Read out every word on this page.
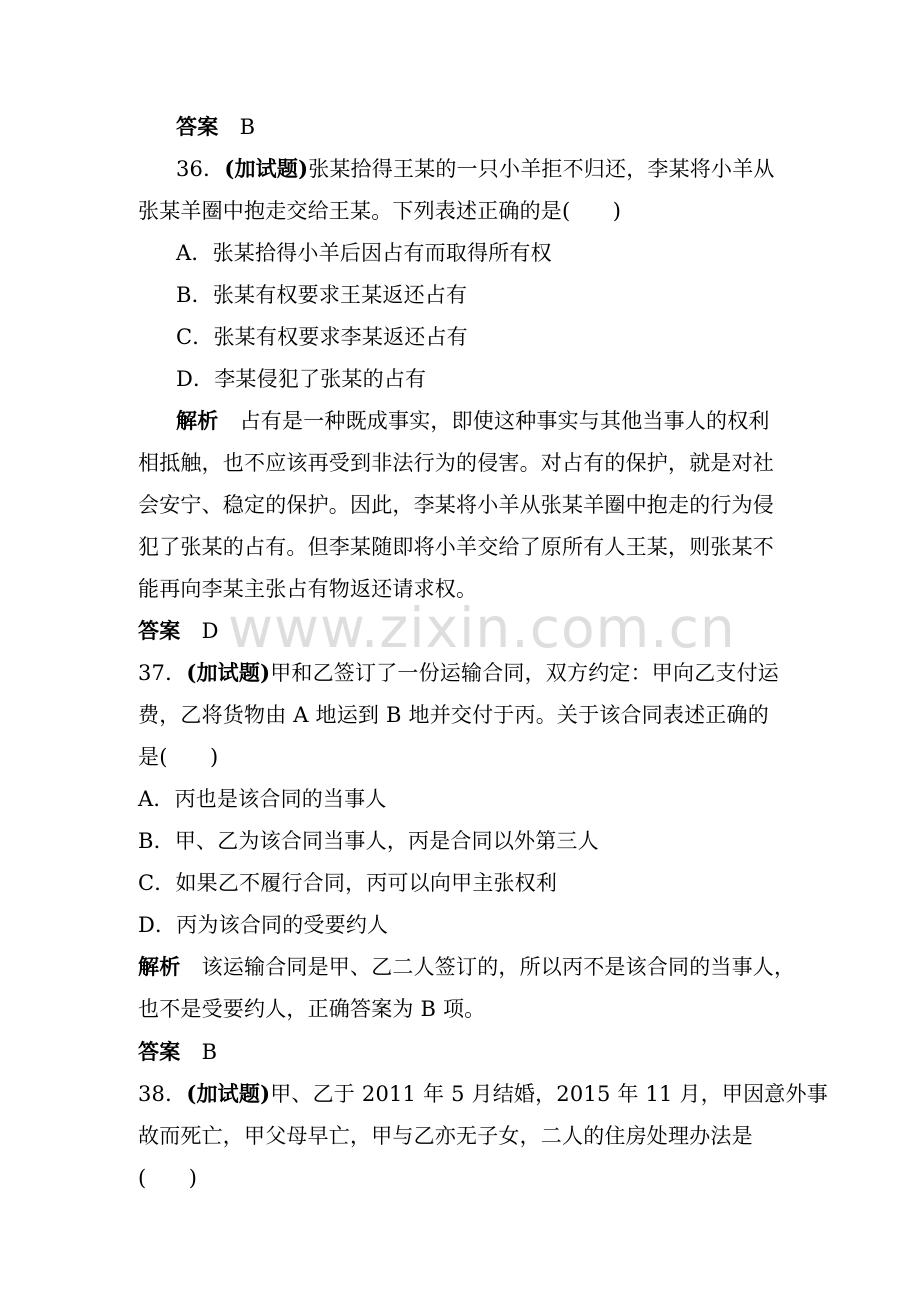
www.zixin.com.cn
答案　 B
36．(加试题)张某拾得王某的一只小羊拒不归还，李某将小羊从
张某羊圈中抱走交给王某。下列表述正确的是(　　)
A．张某拾得小羊后因占有而取得所有权
B．张某有权要求王某返还占有
C．张某有权要求李某返还占有
D．李某侵犯了张某的占有
解析　 占有是一种既成事实，即使这种事实与其他当事人的权利
相抵触，也不应该再受到非法行为的侵害。对占有的保护，就是对社
会安宁、稳定的保护。因此，李某将小羊从张某羊圈中抱走的行为侵
犯了张某的占有。但李某随即将小羊交给了原所有人王某，则张某不
能再向李某主张占有物返还请求权。
答案　 D
37．(加试题)甲和乙签订了一份运输合同，双方约定：甲向乙支付运
费，乙将货物由 A 地运到 B 地并交付于丙。关于该合同表述正确的
是(　　)
A．丙也是该合同的当事人
B．甲、乙为该合同当事人，丙是合同以外第三人
C．如果乙不履行合同，丙可以向甲主张权利
D．丙为该合同的受要约人
解析　 该运输合同是甲、乙二人签订的，所以丙不是该合同的当事人，
也不是受要约人，正确答案为 B 项。
答案　 B
38．(加试题)甲、乙于 2011 年 5 月结婚，2015 年 11 月，甲因意外事
故而死亡，甲父母早亡，甲与乙亦无子女，二人的住房处理办法是
(　　)
